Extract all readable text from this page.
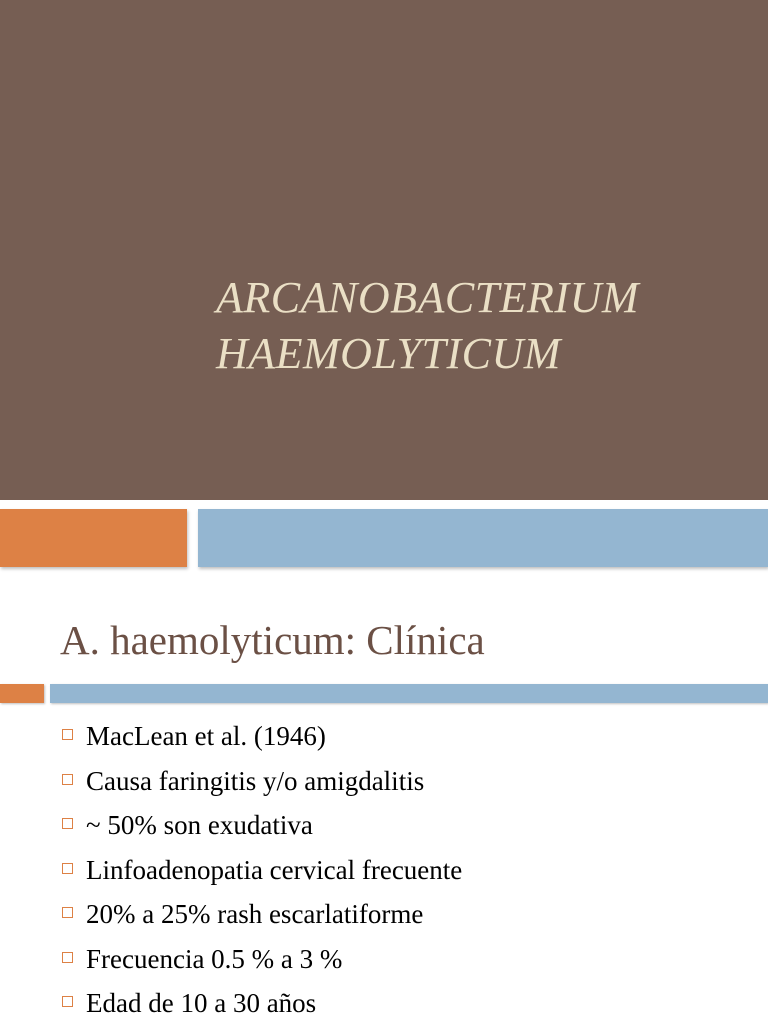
ARCANOBACTERIUM
HAEMOLYTICUM
A. haemolyticum: Clínica
MacLean et al. (1946)
Causa faringitis y/o amigdalitis
~ 50% son exudativa
Linfoadenopatia cervical frecuente
20% a 25% rash escarlatiforme
Frecuencia 0.5 % a 3 %
Edad de 10 a 30 años
